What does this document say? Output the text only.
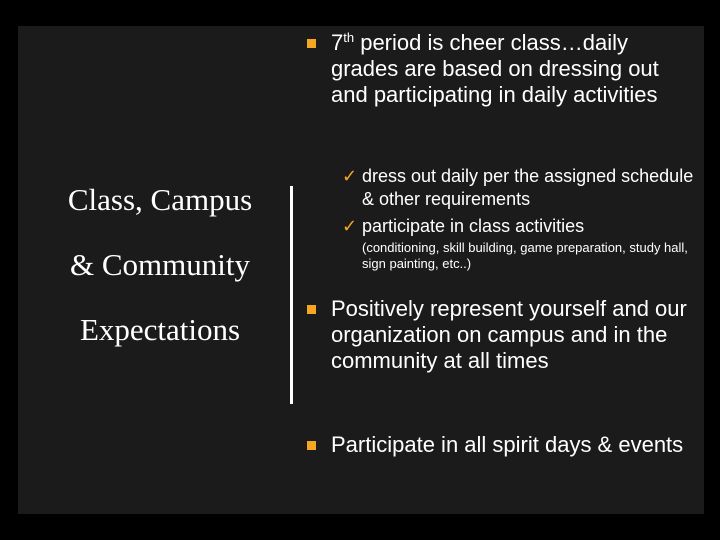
Class, Campus
& Community
Expectations
7th period is cheer class…daily grades are based on dressing out and participating in daily activities
✓ dress out daily per the assigned schedule & other requirements
✓ participate in class activities
(conditioning, skill building, game preparation, study hall, sign painting, etc..)
Positively represent yourself and our organization on campus and in the community at all times
Participate in all spirit days & events
